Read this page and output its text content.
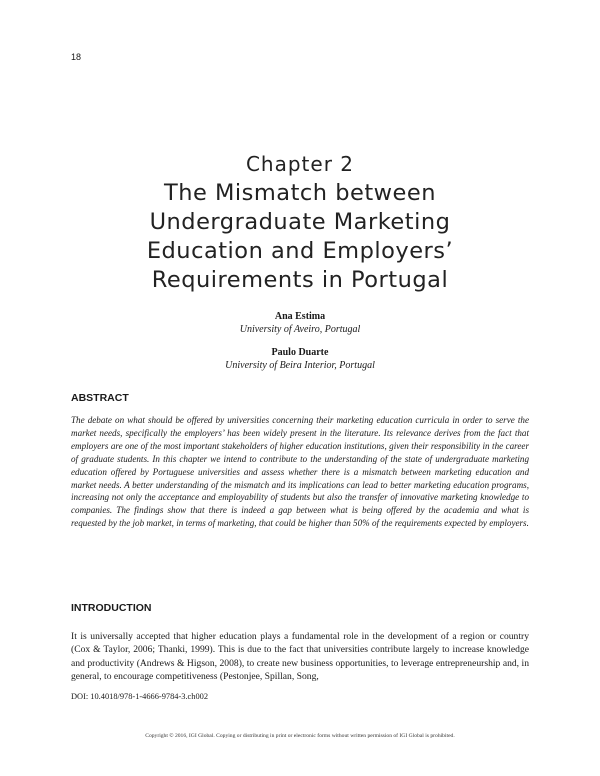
18
Chapter 2
The Mismatch between
Undergraduate Marketing
Education and Employers’
Requirements in Portugal
Ana Estima
University of Aveiro, Portugal
Paulo Duarte
University of Beira Interior, Portugal
ABSTRACT

The debate on what should be offered by universities concerning their marketing education curricula in order to serve the market needs, specifically the employers’ has been widely present in the literature. Its relevance derives from the fact that employers are one of the most important stakeholders of higher education institutions, given their responsibility in the career of graduate students. In this chapter we intend to contribute to the understanding of the state of undergraduate marketing education offered by Portuguese universities and assess whether there is a mismatch between marketing education and market needs. A better understanding of the mismatch and its implications can lead to better marketing education programs, increasing not only the acceptance and employability of students but also the transfer of innovative marketing knowledge to companies. The findings show that there is indeed a gap between what is being offered by the academia and what is requested by the job market, in terms of marketing, that could be higher than 50% of the requirements expected by employers.

INTRODUCTION

It is universally accepted that higher education plays a fundamental role in the development of a region or country (Cox & Taylor, 2006; Thanki, 1999). This is due to the fact that universities contribute largely to increase knowledge and productivity (Andrews & Higson, 2008), to create new business opportunities, to leverage entrepreneurship and, in general, to encourage competitiveness (Pestonjee, Spillan, Song,

DOI: 10.4018/978-1-4666-9784-3.ch002
Copyright © 2016, IGI Global. Copying or distributing in print or electronic forms without written permission of IGI Global is prohibited.
